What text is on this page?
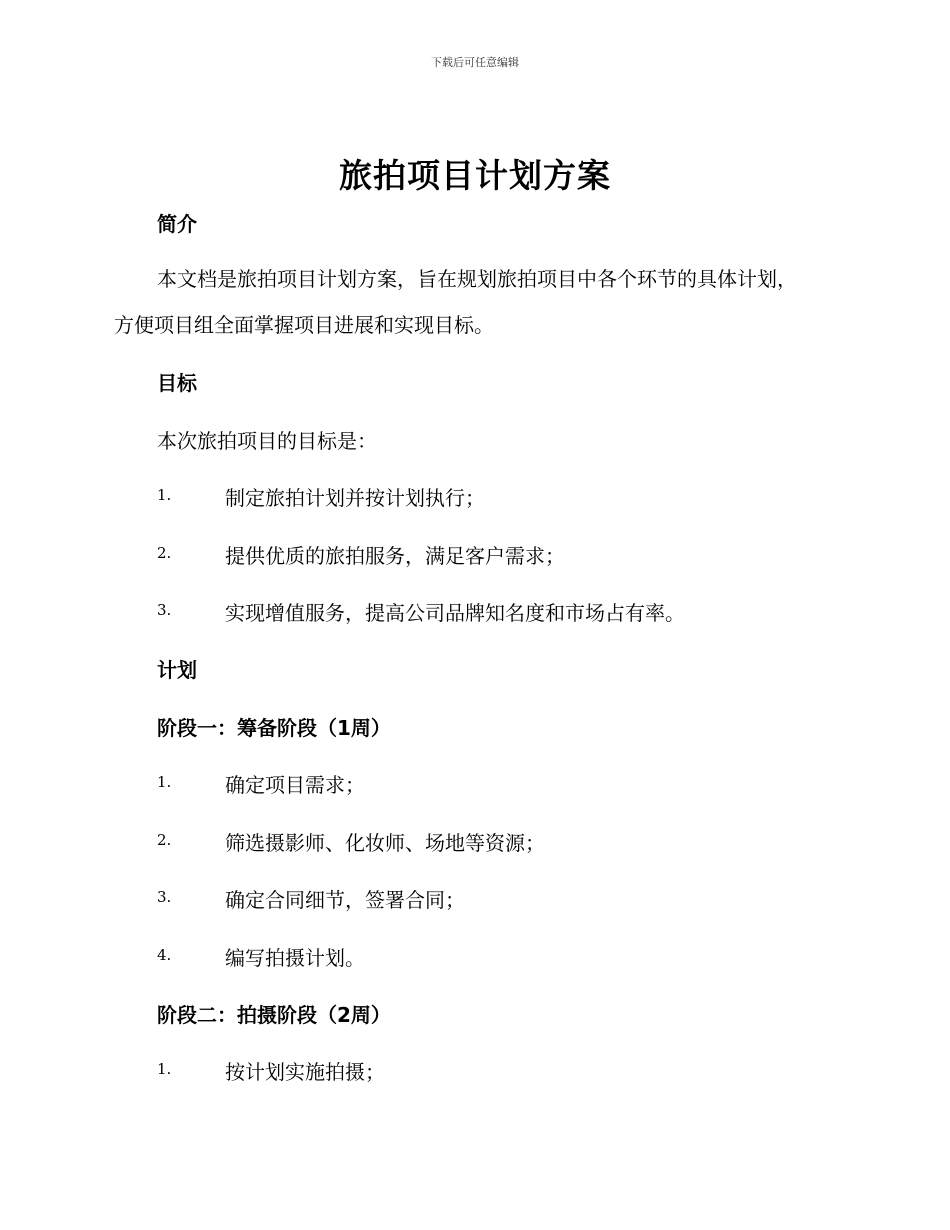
下载后可任意编辑
旅拍项目计划方案
简介

本文档是旅拍项目计划方案，旨在规划旅拍项目中各个环节的具体计划，方便项目组全面掌握项目进展和实现目标。

目标

本次旅拍项目的目标是：

1.	制定旅拍计划并按计划执行；
2.	提供优质的旅拍服务，满足客户需求；
3.	实现增值服务，提高公司品牌知名度和市场占有率。
计划
阶段一：筹备阶段（1周）
1.	确定项目需求；
2.	筛选摄影师、化妆师、场地等资源；
3.	确定合同细节，签署合同；
4.	编写拍摄计划。
阶段二：拍摄阶段（2周）
1.	按计划实施拍摄；
